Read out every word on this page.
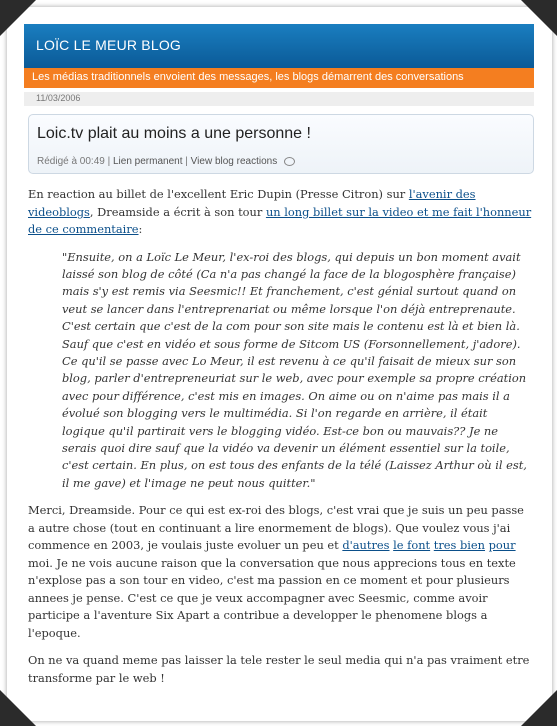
LOÏC LE MEUR BLOG
Les médias traditionnels envoient des messages, les blogs démarrent des conversations
11/03/2006
Loic.tv plait au moins a une personne !
Rédigé à 00:49 | Lien permanent | View blog reactions

En reaction au billet de l'excellent Eric Dupin (Presse Citron) sur l'avenir des videoblogs, Dreamside a écrit à son tour un long billet sur la video et me fait l'honneur de ce commentaire:

"Ensuite, on a Loïc Le Meur, l'ex-roi des blogs, qui depuis un bon moment avait laissé son blog de côté (Ca n'a pas changé la face de la blogosphère française) mais s'y est remis via Seesmic!! Et franchement, c'est génial surtout quand on veut se lancer dans l'entreprenariat ou même lorsque l'on déjà entreprenaute. C'est certain que c'est de la com pour son site mais le contenu est là et bien là. Sauf que c'est en vidéo et sous forme de Sitcom US (Forsonnellement, j'adore). Ce qu'il se passe avec Lo Meur, il est revenu à ce qu'il faisait de mieux sur son blog, parler d'entrepreneuriat sur le web, avec pour exemple sa propre création avec pour différence, c'est mis en images. On aime ou on n'aime pas mais il a évolué son blogging vers le multimédia. Si l'on regarde en arrière, il était logique qu'il partirait vers le blogging vidéo. Est-ce bon ou mauvais?? Je ne serais quoi dire sauf que la vidéo va devenir un élément essentiel sur la toile, c'est certain. En plus, on est tous des enfants de la télé (Laissez Arthur où il est, il me gave) et l'image ne peut nous quitter."

Merci, Dreamside. Pour ce qui est ex-roi des blogs, c'est vrai que je suis un peu passe a autre chose (tout en continuant a lire enormement de blogs). Que voulez vous j'ai commence en 2003, je voulais juste evoluer un peu et d'autres le font tres bien pour moi. Je ne vois aucune raison que la conversation que nous apprecions tous en texte n'explose pas a son tour en video, c'est ma passion en ce moment et pour plusieurs annees je pense. C'est ce que je veux accompagner avec Seesmic, comme avoir participe a l'aventure Six Apart a contribue a developper le phenomene blogs a l'epoque.

On ne va quand meme pas laisser la tele rester le seul media qui n'a pas vraiment etre transforme par le web !
